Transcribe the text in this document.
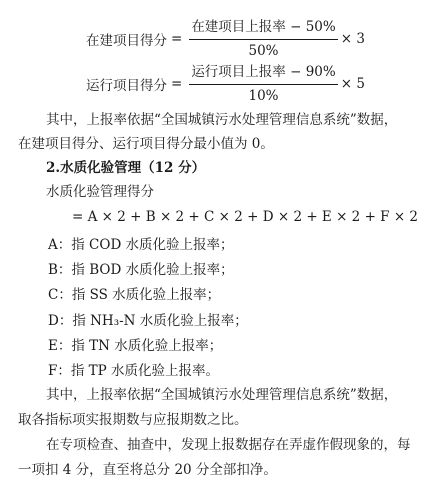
在建项目得分 = $\frac{\text{在建项目上报率 − 50\%}}{50\%} \times 3$
运行项目得分 = $\frac{\text{运行项目上报率 − 90\%}}{10\%} \times 5$
其中，上报率依据“全国城镇污水处理管理信息系统”数据，
在建项目得分、运行项目得分最小值为 0。
2.水质化验管理（12 分）
水质化验管理得分
= A × 2 + B × 2 + C × 2 + D × 2 + E × 2 + F × 2
A：指 COD 水质化验上报率；
B：指 BOD 水质化验上报率；
C：指 SS 水质化验上报率；
D：指 NH₃-N 水质化验上报率；
E：指 TN 水质化验上报率；
F：指 TP 水质化验上报率。
其中，上报率依据“全国城镇污水处理管理信息系统”数据，
取各指标项实报期数与应报期数之比。
在专项检查、抽查中，发现上报数据存在弄虚作假现象的，每
一项扣 4 分，直至将总分 20 分全部扣净。
